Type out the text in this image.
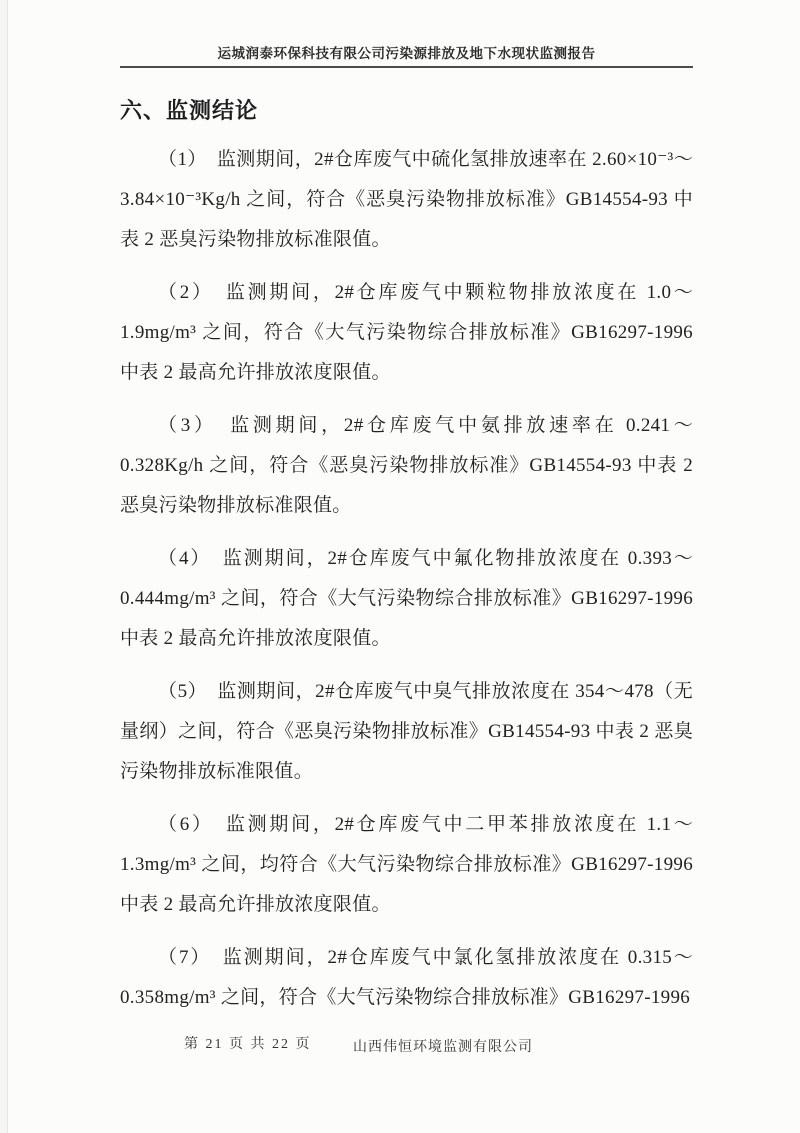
运城润泰环保科技有限公司污染源排放及地下水现状监测报告
六、监测结论

（1）　监测期间，2#仓库废气中硫化氢排放速率在 2.60×10⁻³～3.84×10⁻³Kg/h 之间，符合《恶臭污染物排放标准》GB14554-93 中表 2 恶臭污染物排放标准限值。

（2）　监测期间，2#仓库废气中颗粒物排放浓度在 1.0～1.9mg/m³ 之间，符合《大气污染物综合排放标准》GB16297-1996 中表 2 最高允许排放浓度限值。

（3）　监测期间，2#仓库废气中氨排放速率在 0.241～0.328Kg/h 之间，符合《恶臭污染物排放标准》GB14554-93 中表 2 恶臭污染物排放标准限值。

（4）　监测期间，2#仓库废气中氟化物排放浓度在 0.393～0.444mg/m³ 之间，符合《大气污染物综合排放标准》GB16297-1996 中表 2 最高允许排放浓度限值。

（5）　监测期间，2#仓库废气中臭气排放浓度在 354～478（无量纲）之间，符合《恶臭污染物排放标准》GB14554-93 中表 2 恶臭污染物排放标准限值。

（6）　监测期间，2#仓库废气中二甲苯排放浓度在 1.1～1.3mg/m³ 之间，均符合《大气污染物综合排放标准》GB16297-1996 中表 2 最高允许排放浓度限值。

（7）　监测期间，2#仓库废气中氯化氢排放浓度在 0.315～0.358mg/m³ 之间，符合《大气污染物综合排放标准》GB16297-1996

第 21 页 共 22 页	山西伟恒环境监测有限公司
